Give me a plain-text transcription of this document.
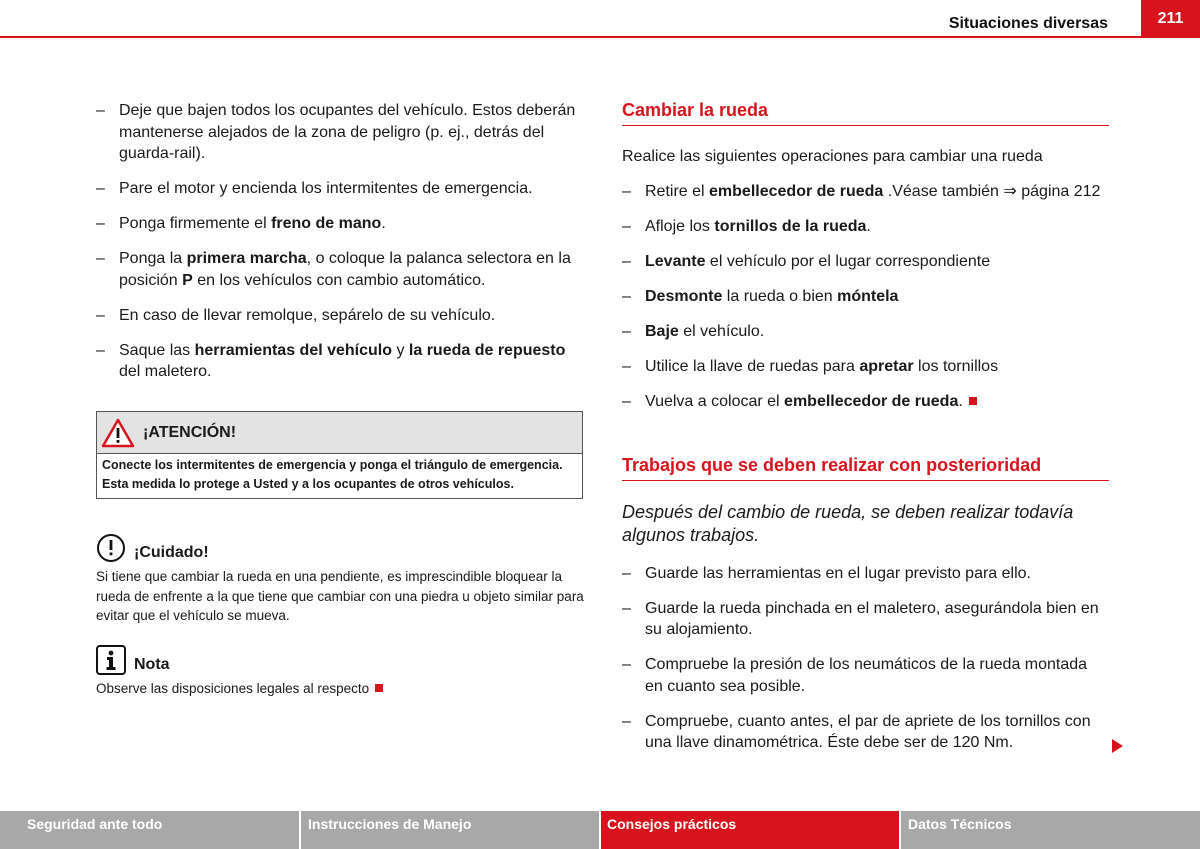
Situaciones diversas	211
– Deje que bajen todos los ocupantes del vehículo. Estos deberán mantenerse alejados de la zona de peligro (p. ej., detrás del guarda-rail).
– Pare el motor y encienda los intermitentes de emergencia.
– Ponga firmemente el freno de mano.
– Ponga la primera marcha, o coloque la palanca selectora en la posición P en los vehículos con cambio automático.
– En caso de llevar remolque, sepárelo de su vehículo.
– Saque las herramientas del vehículo y la rueda de repuesto del maletero.
¡ATENCIÓN!
Conecte los intermitentes de emergencia y ponga el triángulo de emergencia. Esta medida lo protege a Usted y a los ocupantes de otros vehículos.
¡Cuidado!
Si tiene que cambiar la rueda en una pendiente, es imprescindible bloquear la rueda de enfrente a la que tiene que cambiar con una piedra u objeto similar para evitar que el vehículo se mueva.
Nota
Observe las disposiciones legales al respecto
Cambiar la rueda
Realice las siguientes operaciones para cambiar una rueda
– Retire el embellecedor de rueda .Véase también ⇒ página 212
– Afloje los tornillos de la rueda.
– Levante el vehículo por el lugar correspondiente
– Desmonte la rueda o bien móntela
– Baje el vehículo.
– Utilice la llave de ruedas para apretar los tornillos
– Vuelva a colocar el embellecedor de rueda.
Trabajos que se deben realizar con posterioridad
Después del cambio de rueda, se deben realizar todavía algunos trabajos.
– Guarde las herramientas en el lugar previsto para ello.
– Guarde la rueda pinchada en el maletero, asegurándola bien en su alojamiento.
– Compruebe la presión de los neumáticos de la rueda montada en cuanto sea posible.
– Compruebe, cuanto antes, el par de apriete de los tornillos con una llave dinamométrica. Éste debe ser de 120 Nm.
Seguridad ante todo	Instrucciones de Manejo	Consejos prácticos	Datos Técnicos
